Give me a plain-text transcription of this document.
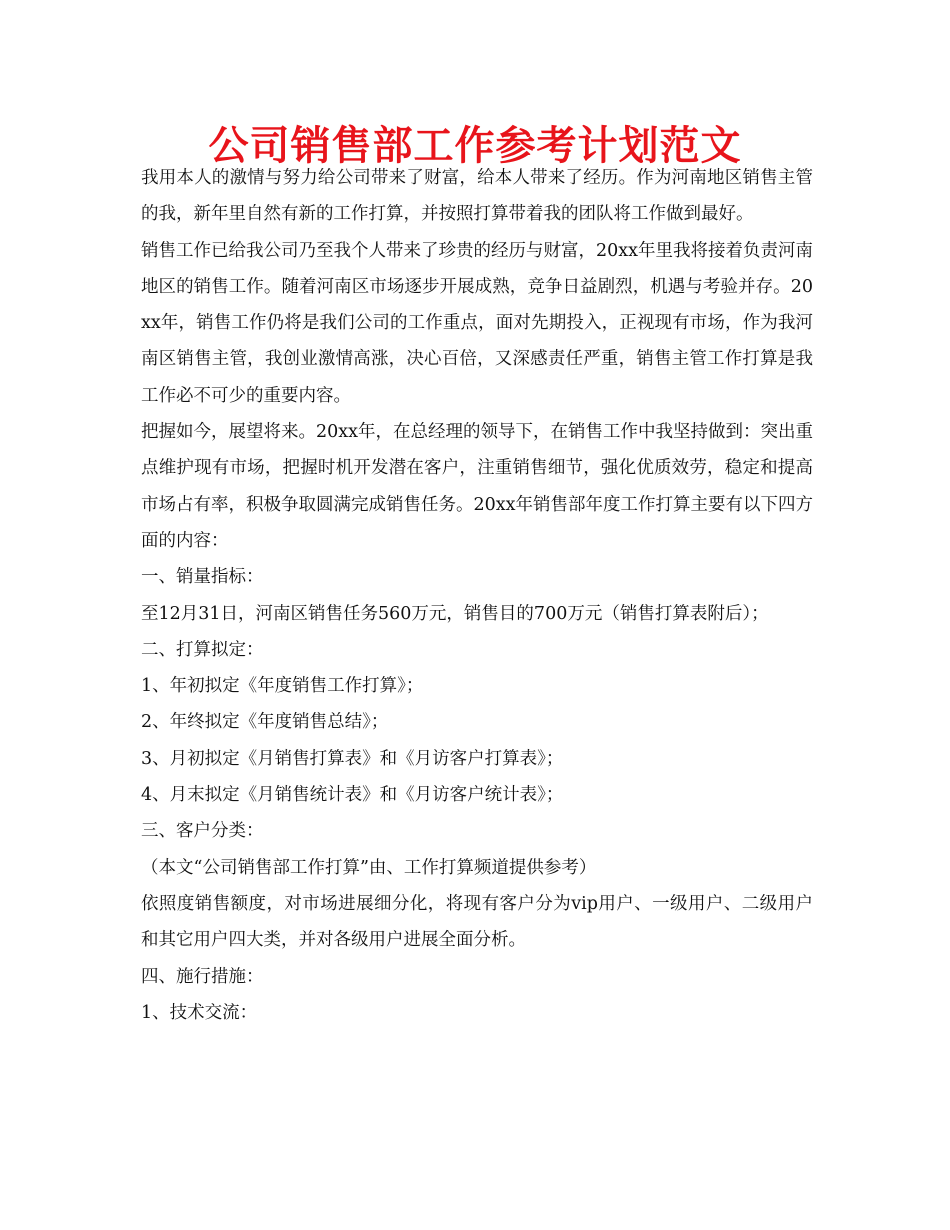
公司销售部工作参考计划范文

我用本人的激情与努力给公司带来了财富，给本人带来了经历。作为河南地区销售主管的我，新年里自然有新的工作打算，并按照打算带着我的团队将工作做到最好。

销售工作已给我公司乃至我个人带来了珍贵的经历与财富，20xx年里我将接着负责河南地区的销售工作。随着河南区市场逐步开展成熟，竞争日益剧烈，机遇与考验并存。20xx年，销售工作仍将是我们公司的工作重点，面对先期投入，正视现有市场，作为我河南区销售主管，我创业激情高涨，决心百倍，又深感责任严重，销售主管工作打算是我工作必不可少的重要内容。

把握如今，展望将来。20xx年，在总经理的领导下，在销售工作中我坚持做到：突出重点维护现有市场，把握时机开发潜在客户，注重销售细节，强化优质效劳，稳定和提高市场占有率，积极争取圆满完成销售任务。20xx年销售部年度工作打算主要有以下四方面的内容：

一、销量指标：

至12月31日，河南区销售任务560万元，销售目的700万元（销售打算表附后）；

二、打算拟定：

1、年初拟定《年度销售工作打算》；

2、年终拟定《年度销售总结》；

3、月初拟定《月销售打算表》和《月访客户打算表》；

4、月末拟定《月销售统计表》和《月访客户统计表》；

三、客户分类：

（本文“公司销售部工作打算”由、工作打算频道提供参考）

依照度销售额度，对市场进展细分化，将现有客户分为vip用户、一级用户、二级用户和其它用户四大类，并对各级用户进展全面分析。

四、施行措施：

1、技术交流：
